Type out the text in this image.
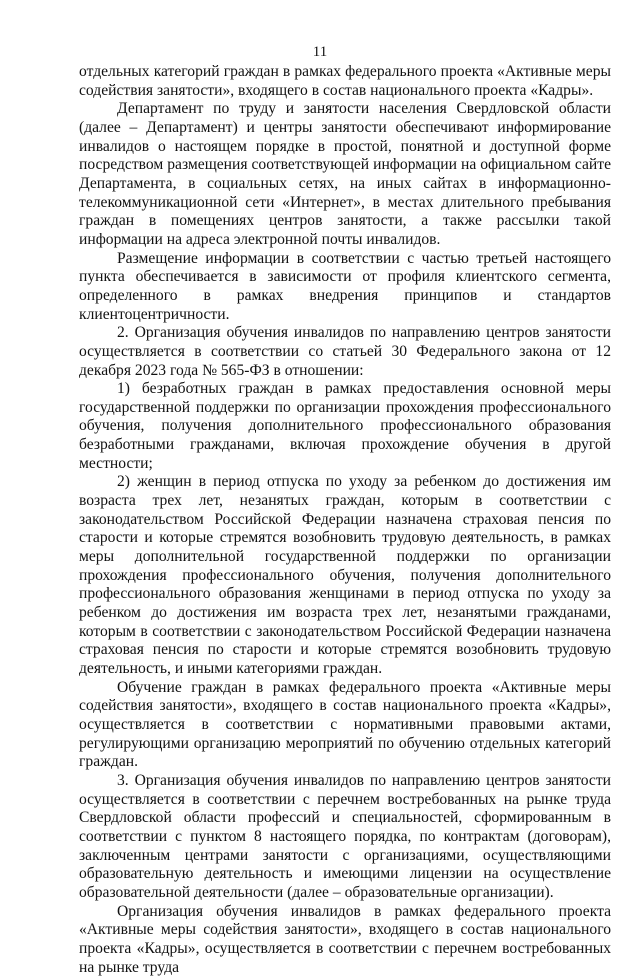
11

отдельных категорий граждан в рамках федерального проекта «Активные меры содействия занятости», входящего в состав национального проекта «Кадры».

Департамент по труду и занятости населения Свердловской области (далее – Департамент) и центры занятости обеспечивают информирование инвалидов о настоящем порядке в простой, понятной и доступной форме посредством размещения соответствующей информации на официальном сайте Департамента, в социальных сетях, на иных сайтах в информационно-телекоммуникационной сети «Интернет», в местах длительного пребывания граждан в помещениях центров занятости, а также рассылки такой информации на адреса электронной почты инвалидов.

Размещение информации в соответствии с частью третьей настоящего пункта обеспечивается в зависимости от профиля клиентского сегмента, определенного в рамках внедрения принципов и стандартов клиентоцентричности.

2. Организация обучения инвалидов по направлению центров занятости осуществляется в соответствии со статьей 30 Федерального закона от 12 декабря 2023 года № 565-ФЗ в отношении:

1) безработных граждан в рамках предоставления основной меры государственной поддержки по организации прохождения профессионального обучения, получения дополнительного профессионального образования безработными гражданами, включая прохождение обучения в другой местности;

2) женщин в период отпуска по уходу за ребенком до достижения им возраста трех лет, незанятых граждан, которым в соответствии с законодательством Российской Федерации назначена страховая пенсия по старости и которые стремятся возобновить трудовую деятельность, в рамках меры дополнительной государственной поддержки по организации прохождения профессионального обучения, получения дополнительного профессионального образования женщинами в период отпуска по уходу за ребенком до достижения им возраста трех лет, незанятыми гражданами, которым в соответствии с законодательством Российской Федерации назначена страховая пенсия по старости и которые стремятся возобновить трудовую деятельность, и иными категориями граждан.

Обучение граждан в рамках федерального проекта «Активные меры содействия занятости», входящего в состав национального проекта «Кадры», осуществляется в соответствии с нормативными правовыми актами, регулирующими организацию мероприятий по обучению отдельных категорий граждан.

3. Организация обучения инвалидов по направлению центров занятости осуществляется в соответствии с перечнем востребованных на рынке труда Свердловской области профессий и специальностей, сформированным в соответствии с пунктом 8 настоящего порядка, по контрактам (договорам), заключенным центрами занятости с организациями, осуществляющими образовательную деятельность и имеющими лицензии на осуществление образовательной деятельности (далее – образовательные организации).

Организация обучения инвалидов в рамках федерального проекта «Активные меры содействия занятости», входящего в состав национального проекта «Кадры», осуществляется в соответствии с перечнем востребованных на рынке труда
